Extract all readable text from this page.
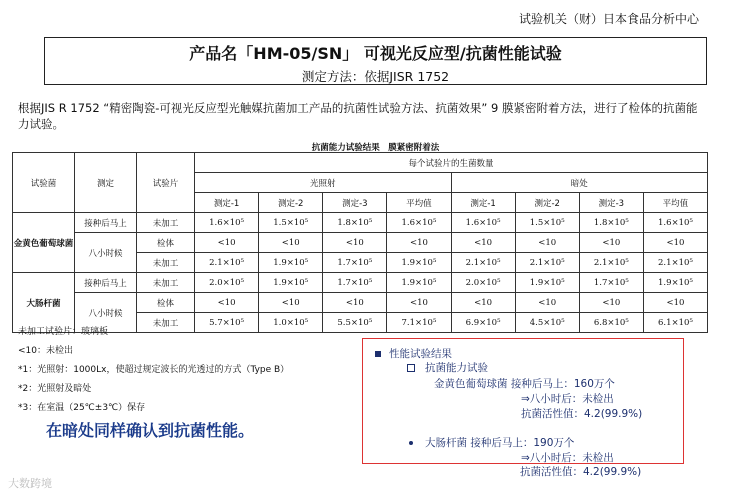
试验机关（财）日本食品分析中心
产品名「HM-05/SN」 可视光反应型/抗菌性能试验
测定方法：依据JISR 1752
根据JIS R 1752 “精密陶瓷-可视光反应型光触媒抗菌加工产品的抗菌性试验方法、抗菌效果” 9 膜紧密附着方法，进行了检体的抗菌能力试验。
抗菌能力试验结果　膜紧密附着法
试验菌	测定	试验片	每个试验片的生菌数量							
			光照射				暗处			
			测定-1	测定-2	测定-3	平均值	测定-1	测定-2	测定-3	平均值
金黄色葡萄球菌	接种后马上	未加工	1.6×10⁵	1.5×10⁵	1.8×10⁵	1.6×10⁵	1.6×10⁵	1.5×10⁵	1.8×10⁵	1.6×10⁵
	八小时候	检体	<10	<10	<10	<10	<10	<10	<10	<10
		未加工	2.1×10⁵	1.9×10⁵	1.7×10⁵	1.9×10⁵	2.1×10⁵	2.1×10⁵	2.1×10⁵	2.1×10⁵
大肠杆菌	接种后马上	未加工	2.0×10⁵	1.9×10⁵	1.7×10⁵	1.9×10⁵	2.0×10⁵	1.9×10⁵	1.7×10⁵	1.9×10⁵
	八小时候	检体	<10	<10	<10	<10	<10	<10	<10	<10
		未加工	5.7×10⁵	1.0×10⁵	5.5×10⁵	7.1×10⁵	6.9×10⁵	4.5×10⁵	6.8×10⁵	6.1×10⁵
未加工试验片：玻璃板
<10：未检出
*1：光照射：1000Lx，使超过规定波长的光透过的方式（Type B）
*2：光照射及暗处
*3：在室温（25℃±3℃）保存
在暗处同样确认到抗菌性能。
性能试验结果
抗菌能力试验
金黄色葡萄球菌 接种后马上：160万个
⇒八小时后：未检出
抗菌活性值：4.2(99.9%)
大肠杆菌 接种后马上：190万个
⇒八小时后：未检出
抗菌活性值：4.2(99.9%)
大数跨境
